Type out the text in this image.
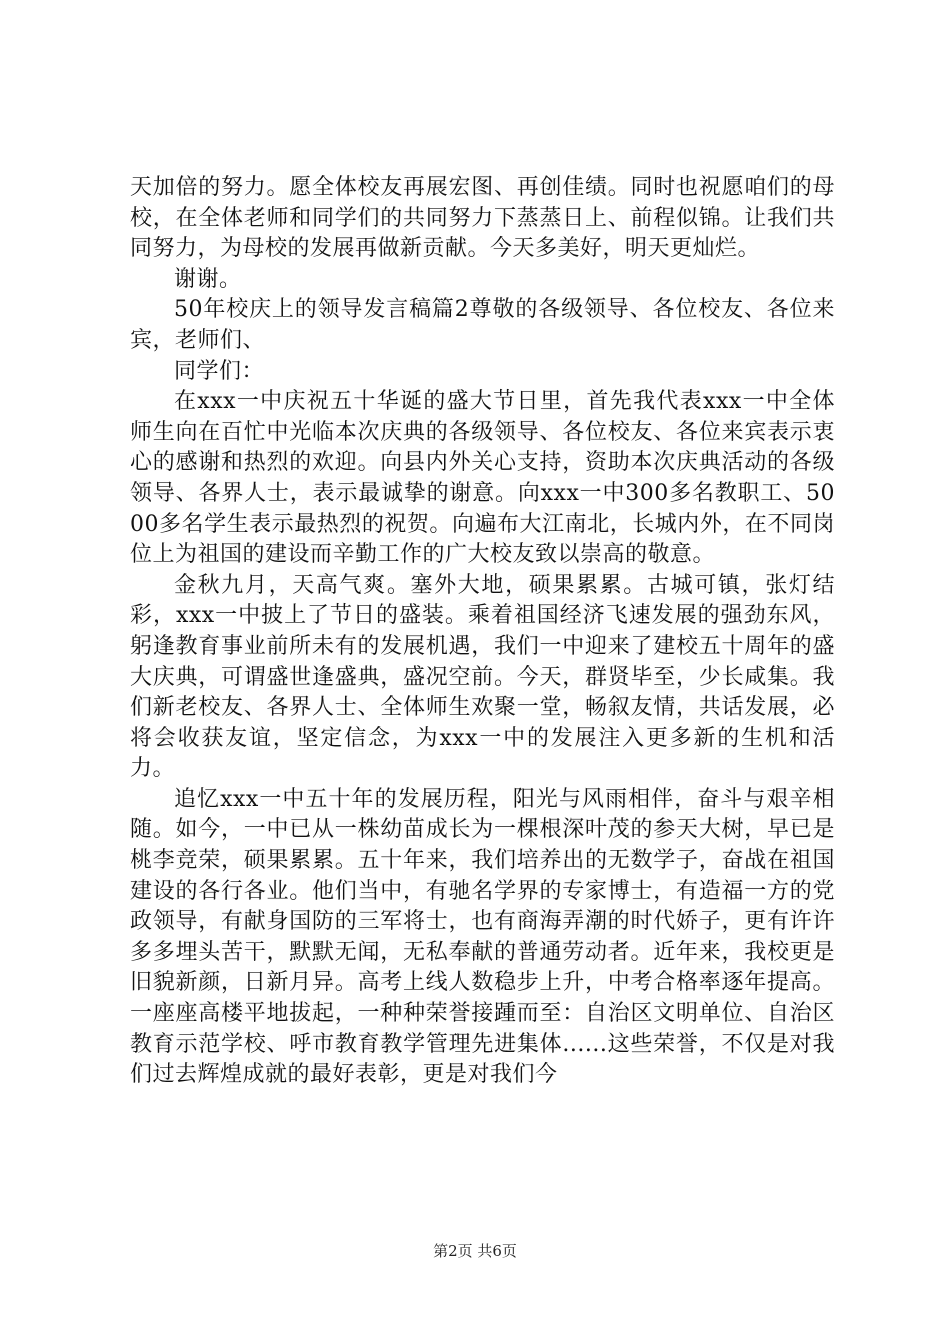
天加倍的努力。愿全体校友再展宏图、再创佳绩。同时也祝愿咱们的母校，在全体老师和同学们的共同努力下蒸蒸日上、前程似锦。让我们共同努力，为母校的发展再做新贡献。今天多美好，明天更灿烂。

谢谢。

50年校庆上的领导发言稿篇2尊敬的各级领导、各位校友、各位来宾，老师们、

同学们：

在xxx一中庆祝五十华诞的盛大节日里，首先我代表xxx一中全体师生向在百忙中光临本次庆典的各级领导、各位校友、各位来宾表示衷心的感谢和热烈的欢迎。向县内外关心支持，资助本次庆典活动的各级领导、各界人士，表示最诚挚的谢意。向xxx一中300多名教职工、5000多名学生表示最热烈的祝贺。向遍布大江南北，长城内外，在不同岗位上为祖国的建设而辛勤工作的广大校友致以崇高的敬意。

金秋九月，天高气爽。塞外大地，硕果累累。古城可镇，张灯结彩，xxx一中披上了节日的盛装。乘着祖国经济飞速发展的强劲东风，躬逢教育事业前所未有的发展机遇，我们一中迎来了建校五十周年的盛大庆典，可谓盛世逢盛典，盛况空前。今天，群贤毕至，少长咸集。我们新老校友、各界人士、全体师生欢聚一堂，畅叙友情，共话发展，必将会收获友谊，坚定信念，为xxx一中的发展注入更多新的生机和活力。

追忆xxx一中五十年的发展历程，阳光与风雨相伴，奋斗与艰辛相随。如今，一中已从一株幼苗成长为一棵根深叶茂的参天大树，早已是桃李竞荣，硕果累累。五十年来，我们培养出的无数学子，奋战在祖国建设的各行各业。他们当中，有驰名学界的专家博士，有造福一方的党政领导，有献身国防的三军将士，也有商海弄潮的时代娇子，更有许许多多埋头苦干，默默无闻，无私奉献的普通劳动者。近年来，我校更是旧貌新颜，日新月异。高考上线人数稳步上升，中考合格率逐年提高。一座座高楼平地拔起，一种种荣誉接踵而至：自治区文明单位、自治区教育示范学校、呼市教育教学管理先进集体......这些荣誉，不仅是对我们过去辉煌成就的最好表彰，更是对我们今

第2页 共6页
